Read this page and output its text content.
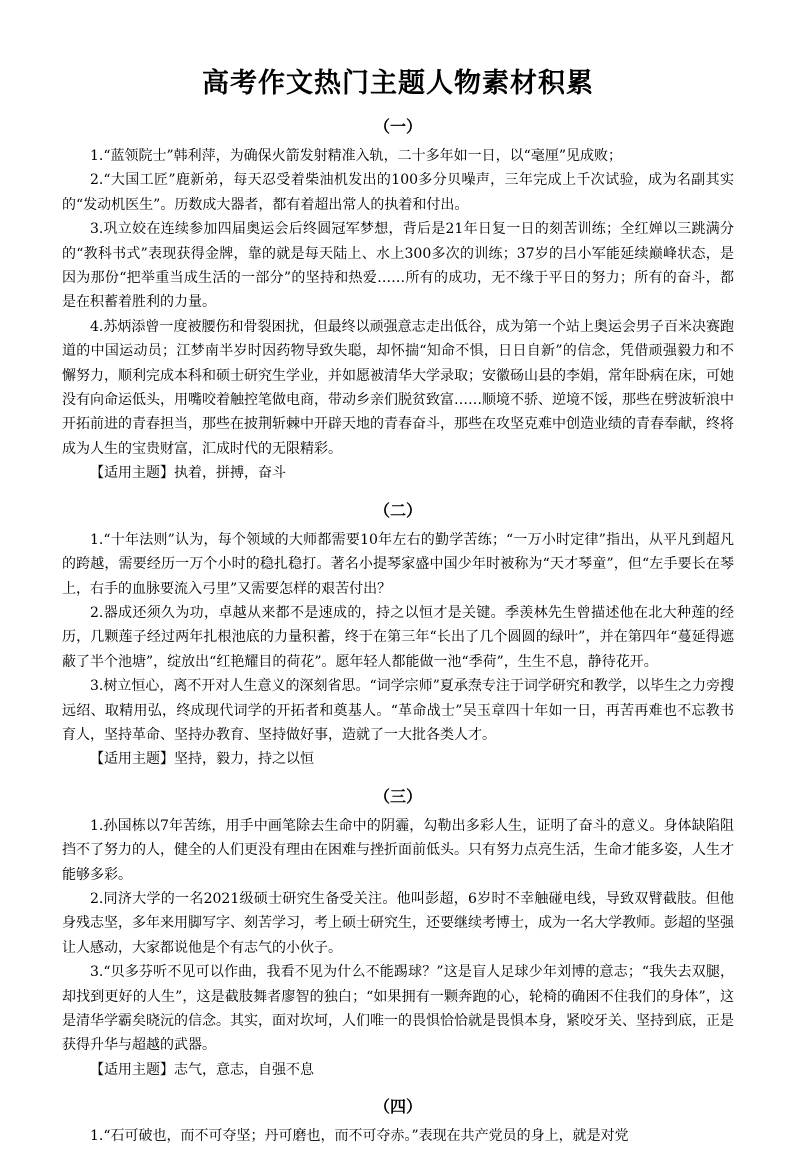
高考作文热门主题人物素材积累
（一）

1.“蓝领院士”韩利萍，为确保火箭发射精准入轨，二十多年如一日，以“毫厘”见成败；

2.“大国工匠”鹿新弟，每天忍受着柴油机发出的100多分贝噪声，三年完成上千次试验，成为名副其实的“发动机医生”。历数成大器者，都有着超出常人的执着和付出。

3.巩立姣在连续参加四届奥运会后终圆冠军梦想，背后是21年日复一日的刻苦训练；全红婵以三跳满分的“教科书式”表现获得金牌，靠的就是每天陆上、水上300多次的训练；37岁的吕小军能延续巅峰状态，是因为那份“把举重当成生活的一部分”的坚持和热爱……所有的成功，无不缘于平日的努力；所有的奋斗，都是在积蓄着胜利的力量。

4.苏炳添曾一度被腰伤和骨裂困扰，但最终以顽强意志走出低谷，成为第一个站上奥运会男子百米决赛跑道的中国运动员；江梦南半岁时因药物导致失聪，却怀揣“知命不惧，日日自新”的信念，凭借顽强毅力和不懈努力，顺利完成本科和硕士研究生学业，并如愿被清华大学录取；安徽砀山县的李娟，常年卧病在床，可她没有向命运低头，用嘴咬着触控笔做电商，带动乡亲们脱贫致富……顺境不骄、逆境不馁，那些在劈波斩浪中开拓前进的青春担当，那些在披荆斩棘中开辟天地的青春奋斗，那些在攻坚克难中创造业绩的青春奉献，终将成为人生的宝贵财富，汇成时代的无限精彩。

【适用主题】执着，拼搏，奋斗

（二）

1.“十年法则”认为，每个领域的大师都需要10年左右的勤学苦练；“一万小时定律”指出，从平凡到超凡的跨越，需要经历一万个小时的稳扎稳打。著名小提琴家盛中国少年时被称为“天才琴童”，但“左手要长在琴上，右手的血脉要流入弓里”又需要怎样的艰苦付出？

2.器成还须久为功，卓越从来都不是速成的，持之以恒才是关键。季羡林先生曾描述他在北大种莲的经历，几颗莲子经过两年扎根池底的力量积蓄，终于在第三年“长出了几个圆圆的绿叶”，并在第四年“蔓延得遮蔽了半个池塘”，绽放出“红艳耀目的荷花”。愿年轻人都能做一池“季荷”，生生不息，静待花开。

3.树立恒心，离不开对人生意义的深刻省思。“词学宗师”夏承焘专注于词学研究和教学，以毕生之力旁搜远绍、取精用弘，终成现代词学的开拓者和奠基人。“革命战士”吴玉章四十年如一日，再苦再难也不忘教书育人，坚持革命、坚持办教育、坚持做好事，造就了一大批各类人才。

【适用主题】坚持，毅力，持之以恒

（三）

1.孙国栋以7年苦练，用手中画笔除去生命中的阴霾，勾勒出多彩人生，证明了奋斗的意义。身体缺陷阻挡不了努力的人，健全的人们更没有理由在困难与挫折面前低头。只有努力点亮生活，生命才能多姿，人生才能够多彩。

2.同济大学的一名2021级硕士研究生备受关注。他叫彭超，6岁时不幸触碰电线，导致双臂截肢。但他身残志坚，多年来用脚写字、刻苦学习，考上硕士研究生，还要继续考博士，成为一名大学教师。彭超的坚强让人感动，大家都说他是个有志气的小伙子。

3.“贝多芬听不见可以作曲，我看不见为什么不能踢球？”这是盲人足球少年刘博的意志；“我失去双腿，却找到更好的人生”，这是截肢舞者廖智的独白；“如果拥有一颗奔跑的心，轮椅的确困不住我们的身体”，这是清华学霸矣晓沅的信念。其实，面对坎坷，人们唯一的畏惧恰恰就是畏惧本身，紧咬牙关、坚持到底，正是获得升华与超越的武器。

【适用主题】志气，意志，自强不息

（四）

1.“石可破也，而不可夺坚；丹可磨也，而不可夺赤。”表现在共产党员的身上，就是对党
